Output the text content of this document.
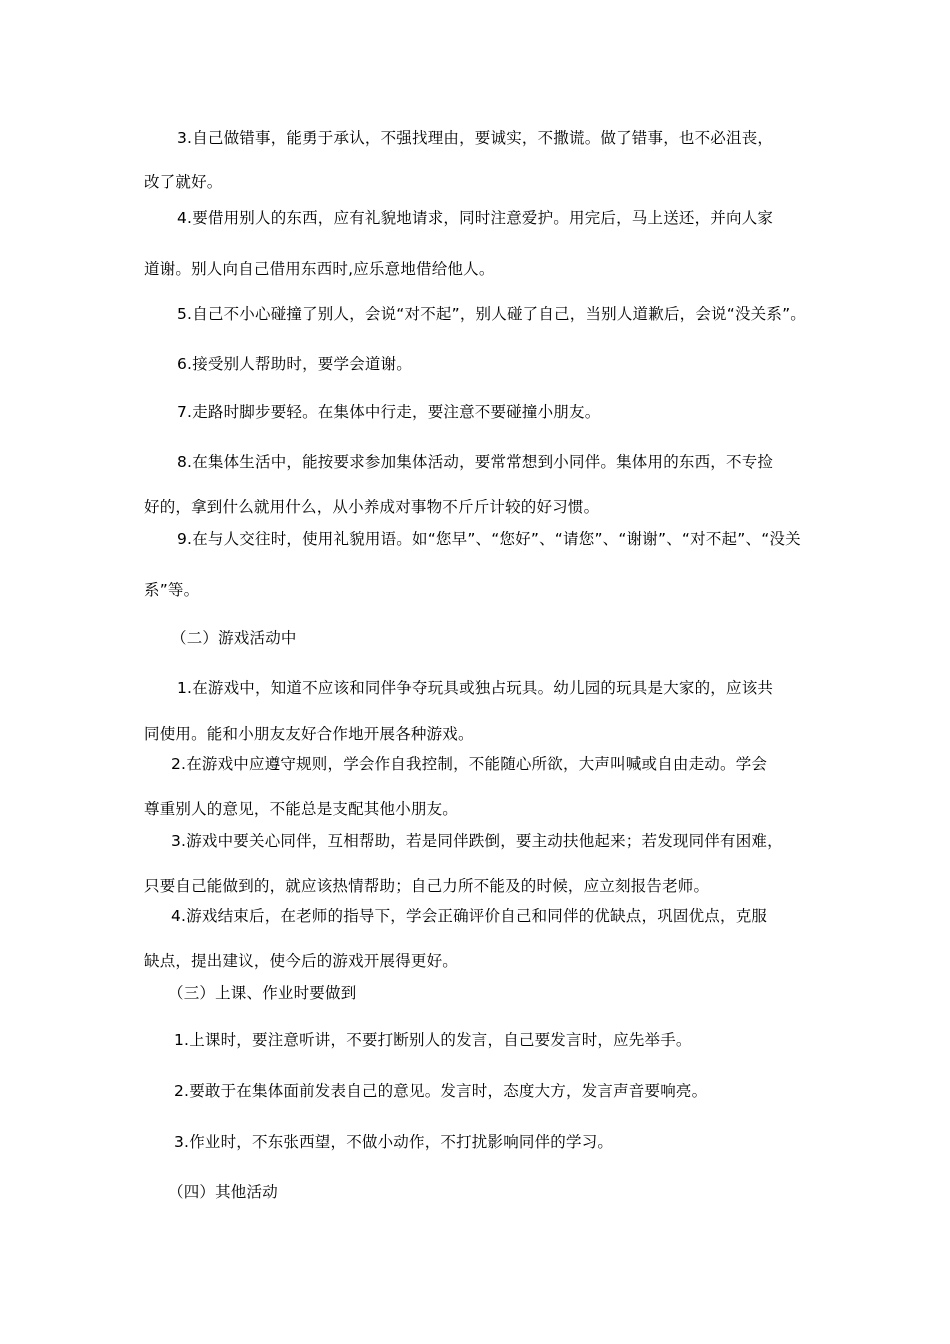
3.自己做错事，能勇于承认，不强找理由，要诚实，不撒谎。做了错事，也不必沮丧，
改了就好。
4.要借用别人的东西，应有礼貌地请求，同时注意爱护。用完后，马上送还，并向人家
道谢。别人向自己借用东西时,应乐意地借给他人。
5.自己不小心碰撞了别人，会说“对不起”，别人碰了自己，当别人道歉后，会说“没关系”。
6.接受别人帮助时，要学会道谢。
7.走路时脚步要轻。在集体中行走，要注意不要碰撞小朋友。
8.在集体生活中，能按要求参加集体活动，要常常想到小同伴。集体用的东西，不专捡
好的，拿到什么就用什么，从小养成对事物不斤斤计较的好习惯。
9.在与人交往时，使用礼貌用语。如“您早”、“您好”、“请您”、“谢谢”、“对不起”、“没关
系”等。
（二）游戏活动中
1.在游戏中，知道不应该和同伴争夺玩具或独占玩具。幼儿园的玩具是大家的，应该共
同使用。能和小朋友友好合作地开展各种游戏。
2.在游戏中应遵守规则，学会作自我控制，不能随心所欲，大声叫喊或自由走动。学会
尊重别人的意见，不能总是支配其他小朋友。
3.游戏中要关心同伴，互相帮助，若是同伴跌倒，要主动扶他起来；若发现同伴有困难，
只要自己能做到的，就应该热情帮助；自己力所不能及的时候，应立刻报告老师。
4.游戏结束后，在老师的指导下，学会正确评价自己和同伴的优缺点，巩固优点，克服
缺点，提出建议，使今后的游戏开展得更好。
（三）上课、作业时要做到
1.上课时，要注意听讲，不要打断别人的发言，自己要发言时，应先举手。
2.要敢于在集体面前发表自己的意见。发言时，态度大方，发言声音要响亮。
3.作业时，不东张西望，不做小动作，不打扰影响同伴的学习。
（四）其他活动
